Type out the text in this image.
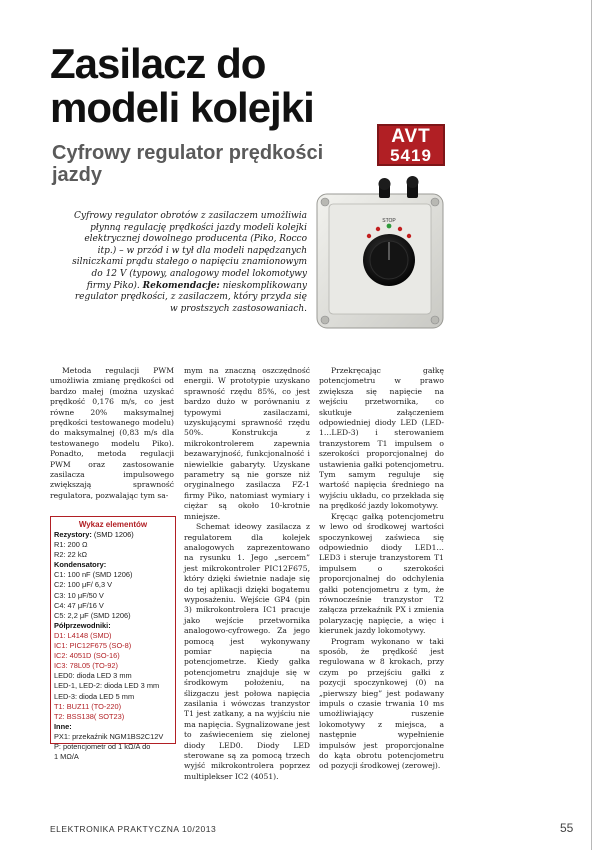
Zasilacz do modeli kolejki
Cyfrowy regulator prędkości jazdy
AVT
5419
STOP

Cyfrowy regulator obrotów z zasilaczem umożliwia płynną regulację prędkości jazdy modeli kolejki elektrycznej dowolnego producenta (Piko, Rocco itp.) – w przód i w tył dla modeli napędzanych silniczkami prądu stałego o napięciu znamionowym do 12 V (typowy, analogowy model lokomotywy firmy Piko). Rekomendacje: nieskomplikowany regulator prędkości, z zasilaczem, który przyda się w prostszych zastosowaniach.

Metoda regulacji PWM umożliwia zmianę prędkości od bardzo małej (można uzyskać prędkość 0,176 m/s, co jest równe 20% maksymalnej prędkości testowanego modelu) do maksymalnej (0,83 m/s dla testowanego modelu Piko). Ponadto, metoda regulacji PWM oraz zastosowanie zasilacza impulsowego zwiększają sprawność regulatora, pozwalając tym sa-

Wykaz elementów
Rezystory: (SMD 1206)
R1: 200 Ω
R2: 22 kΩ
Kondensatory:
C1: 100 nF (SMD 1206)
C2: 100 μF/ 6,3 V
C3: 10 μF/50 V
C4: 47 μF/16 V
C5: 2,2 μF (SMD 1206)
Półprzewodniki:
D1: L4148 (SMD)
IC1: PIC12F675 (SO-8)
IC2: 4051D (SO-16)
IC3: 78L05 (TO-92)
LED0: dioda LED 3 mm
LED-1, LED-2: dioda LED 3 mm
LED-3: dioda LED 5 mm
T1: BUZ11 (TO-220)
T2: BSS138( SOT23)
Inne:
PX1: przekaźnik NGM1BS2C12V
P: potencjometr od 1 kΩ/A do
1 MΩ/A

mym na znaczną oszczędność energii. W prototypie uzyskano sprawność rzędu 85%, co jest bardzo dużo w porównaniu z typowymi zasilaczami, uzyskującymi sprawność rzędu 50%. Konstrukcja z mikrokontrolerem zapewnia bezawaryjność, funkcjonalność i niewielkie gabaryty. Uzyskane parametry są nie gorsze niż oryginalnego zasilacza FZ-1 firmy Piko, natomiast wymiary i ciężar są około 10-krotnie mniejsze.

Schemat ideowy zasilacza z regulatorem dla kolejek analogowych zaprezentowano na rysunku 1. Jego „sercem” jest mikrokontroler PIC12F675, który dzięki świetnie nadaje się do tej aplikacji dzięki bogatemu wyposażeniu. Wejście GP4 (pin 3) mikrokontrolera IC1 pracuje jako wejście przetwornika analogowo-cyfrowego. Za jego pomocą jest wykonywany pomiar napięcia na potencjometrze. Kiedy gałka potencjometru znajduje się w środkowym położeniu, na ślizgaczu jest połowa napięcia zasilania i wówczas tranzystor T1 jest zatkany, a na wyjściu nie ma napięcia. Sygnalizowane jest to zaświeceniem się zielonej diody LED0. Diody LED sterowane są za pomocą trzech wyjść mikrokontrolera poprzez multiplekser IC2 (4051).

Przekręcając gałkę potencjometru w prawo zwiększa się napięcie na wejściu przetwornika, co skutkuje załączeniem odpowiedniej diody LED (LED-1…LED-3) i sterowaniem tranzystorem T1 impulsem o szerokości proporcjonalnej do ustawienia gałki potencjometru. Tym samym reguluje się wartość napięcia średniego na wyjściu układu, co przekłada się na prędkość jazdy lokomotywy.

Kręcąc gałką potencjometru w lewo od środkowej wartości spoczynkowej zaświeca się odpowiednio diody LED1…LED3 i steruje tranzystorem T1 impulsem o szerokości proporcjonalnej do odchylenia gałki potencjometru z tym, że równocześnie tranzystor T2 załącza przekaźnik PX i zmienia polaryzację napięcie, a więc i kierunek jazdy lokomotywy.

Program wykonano w taki sposób, że prędkość jest regulowana w 8 krokach, przy czym po przejściu gałki z pozycji spoczynkowej (0) na „pierwszy bieg” jest podawany impuls o czasie trwania 10 ms umożliwiający ruszenie lokomotywy z miejsca, a następnie wypełnienie impulsów jest proporcjonalne do kąta obrotu potencjometru od pozycji środkowej (zerowej).

ELEKTRONIKA PRAKTYCZNA 10/2013	55
